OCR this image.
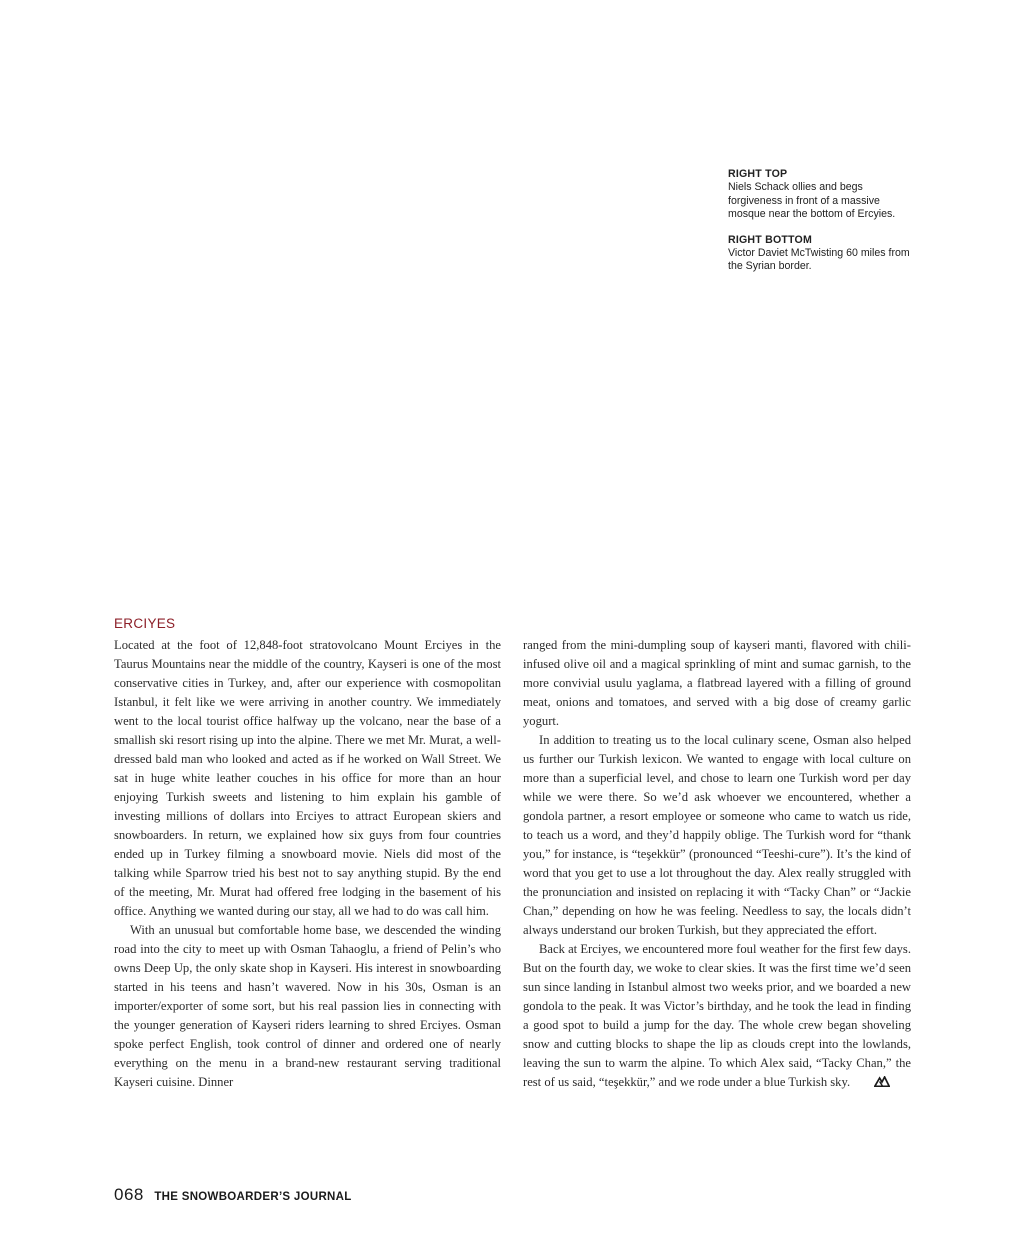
RIGHT TOP
Niels Schack ollies and begs forgiveness in front of a massive mosque near the bottom of Ercyies.
RIGHT BOTTOM
Victor Daviet McTwisting 60 miles from the Syrian border.
ERCIYES

Located at the foot of 12,848-foot stratovolcano Mount Erciyes in the Taurus Mountains near the middle of the country, Kayseri is one of the most conservative cities in Turkey, and, after our experience with cosmopolitan Istanbul, it felt like we were arriving in another country. We immediately went to the local tourist office halfway up the volcano, near the base of a smallish ski resort rising up into the alpine. There we met Mr. Murat, a well-dressed bald man who looked and acted as if he worked on Wall Street. We sat in huge white leather couches in his office for more than an hour enjoying Turkish sweets and listening to him explain his gamble of investing millions of dollars into Erciyes to attract European skiers and snowboarders. In return, we explained how six guys from four countries ended up in Turkey filming a snowboard movie. Niels did most of the talking while Sparrow tried his best not to say anything stupid. By the end of the meeting, Mr. Murat had offered free lodging in the basement of his office. Anything we wanted during our stay, all we had to do was call him.

With an unusual but comfortable home base, we descended the winding road into the city to meet up with Osman Tahaoglu, a friend of Pelin’s who owns Deep Up, the only skate shop in Kayseri. His interest in snowboarding started in his teens and hasn’t wavered. Now in his 30s, Osman is an importer/exporter of some sort, but his real passion lies in connecting with the younger generation of Kayseri riders learning to shred Erciyes. Osman spoke perfect English, took control of dinner and ordered one of nearly everything on the menu in a brand-new restaurant serving traditional Kayseri cuisine. Dinner

ranged from the mini-dumpling soup of kayseri manti, flavored with chili-infused olive oil and a magical sprinkling of mint and sumac garnish, to the more convivial usulu yaglama, a flatbread layered with a filling of ground meat, onions and tomatoes, and served with a big dose of creamy garlic yogurt.

In addition to treating us to the local culinary scene, Osman also helped us further our Turkish lexicon. We wanted to engage with local culture on more than a superficial level, and chose to learn one Turkish word per day while we were there. So we’d ask whoever we encountered, whether a gondola partner, a resort employee or someone who came to watch us ride, to teach us a word, and they’d happily oblige. The Turkish word for “thank you,” for instance, is “teşekkür” (pronounced “Teeshi-cure”). It’s the kind of word that you get to use a lot throughout the day. Alex really struggled with the pronunciation and insisted on replacing it with “Tacky Chan” or “Jackie Chan,” depending on how he was feeling. Needless to say, the locals didn’t always understand our broken Turkish, but they appreciated the effort.

Back at Erciyes, we encountered more foul weather for the first few days. But on the fourth day, we woke to clear skies. It was the first time we’d seen sun since landing in Istanbul almost two weeks prior, and we boarded a new gondola to the peak. It was Victor’s birthday, and he took the lead in finding a good spot to build a jump for the day. The whole crew began shoveling snow and cutting blocks to shape the lip as clouds crept into the lowlands, leaving the sun to warm the alpine. To which Alex said, “Tacky Chan,” the rest of us said, “teşekkür,” and we rode under a blue Turkish sky.

068 THE SNOWBOARDER’S JOURNAL
